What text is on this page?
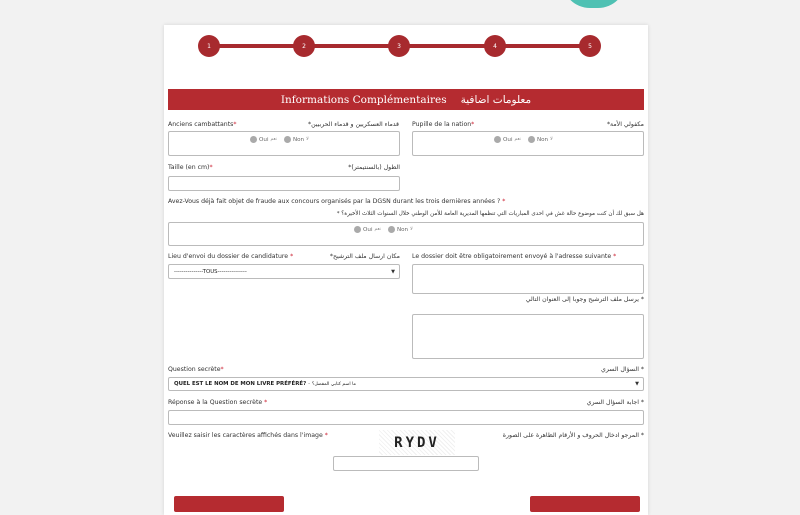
1	2	3	4	5
Informations Complémentaires معلومات اضافية
Anciens cambattants*	قدماء العسكريين و قدماء الحربيين*
Oui نعم	Non لا
Pupille de la nation*	مكفولي الأمة*
Oui نعم	Non لا
Taille (en cm)*	الطول (بالسنتيمتر)*
Avez-Vous déjà fait objet de fraude aux concours organisés par la DGSN durant les trois dernières années ? *
هل سبق لك أن كنت موضوع حالة غش في احدى المباريات التي تنظمها المديرية العامة للأمن الوطني خلال السنوات الثلاث الأخيرة؟ *
Oui نعم	Non لا
Lieu d'envoi du dossier de candidature *	مكان ارسال ملف الترشيح*
---------------TOUS---------------	▼
Le dossier doit être obligatoirement envoyé à l'adresse suivante *
* يرسل ملف الترشيح وجوبا إلى العنوان التالي
Question secrète*	* السؤال السري
QUEL EST LE NOM DE MON LIVRE PRÉFÉRÉ? - ما اسم كتابي المفضل؟	▼
Réponse à la Question secrète *	* اجابة السؤال السري
Veuillez saisir les caractères affichés dans l'image *	* المرجو ادخال الحروف و الأرقام الظاهرة على الصورة
RYDV
